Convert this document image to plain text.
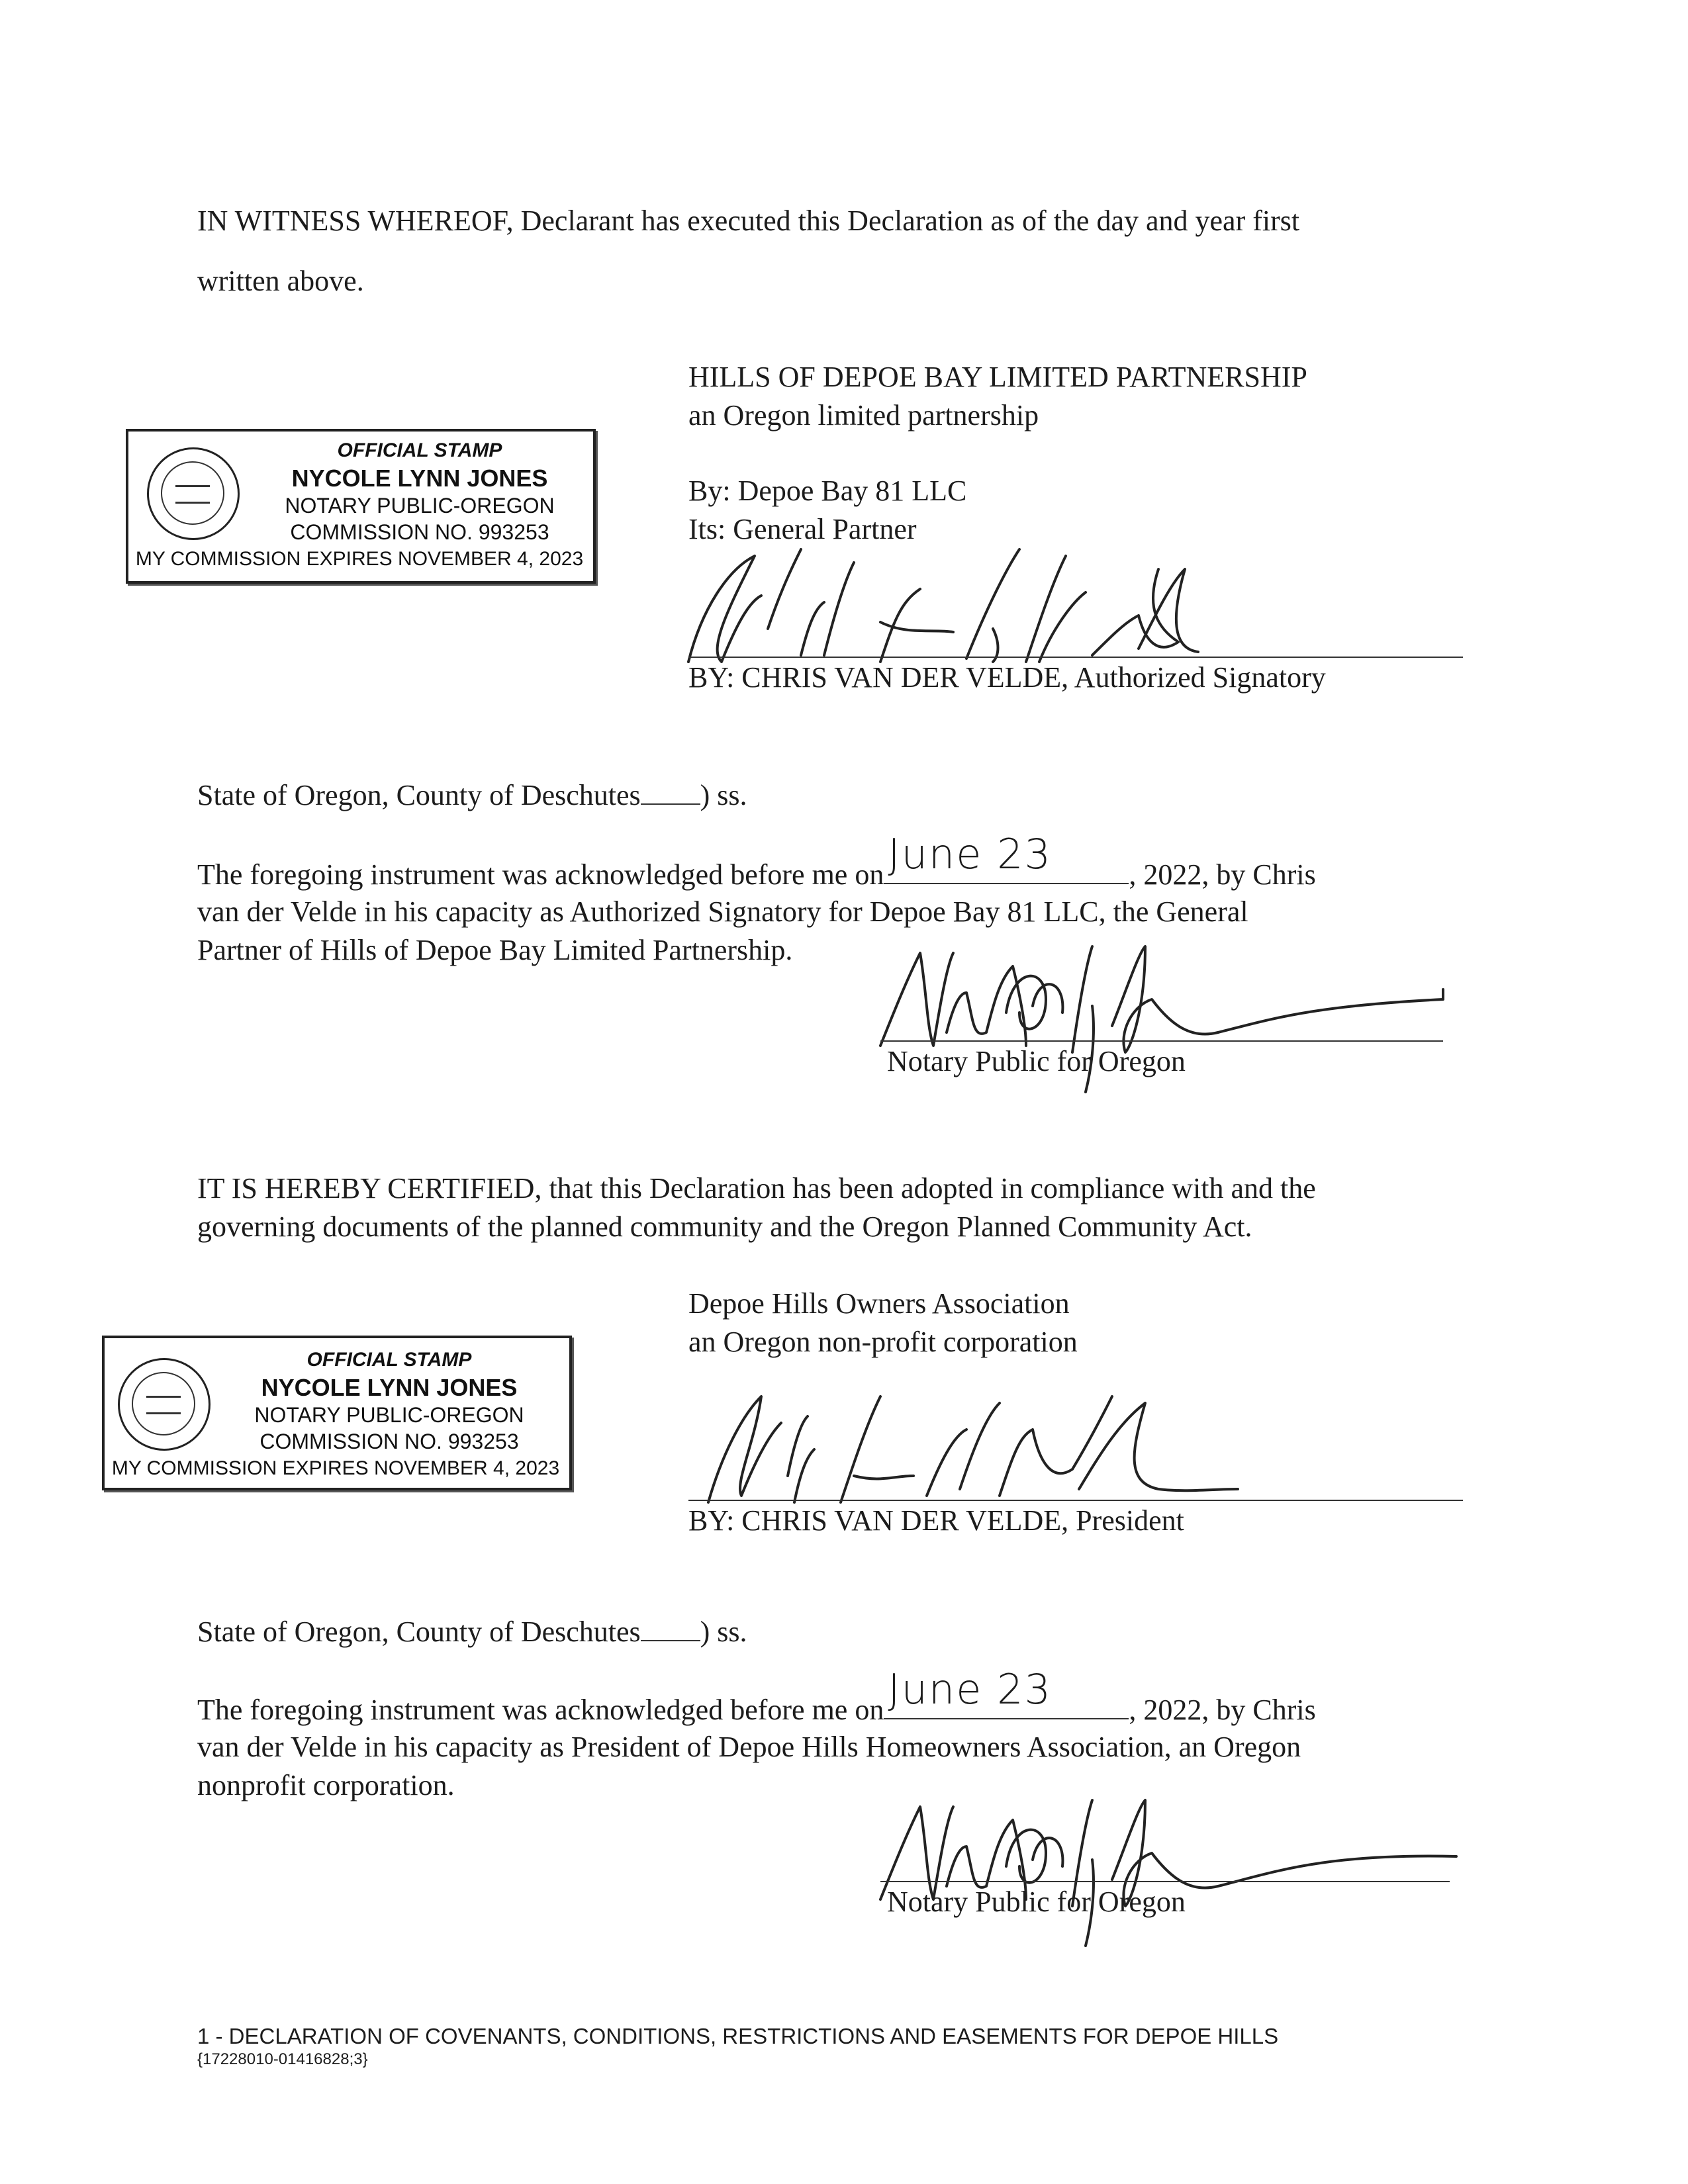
IN WITNESS WHEREOF, Declarant has executed this Declaration as of the day and year first
written above.
HILLS OF DEPOE BAY LIMITED PARTNERSHIP
an Oregon limited partnership
By: Depoe Bay 81 LLC
Its: General Partner
OFFICIAL STAMP
NYCOLE LYNN JONES
NOTARY PUBLIC-OREGON
COMMISSION NO. 993253
MY COMMISSION EXPIRES NOVEMBER 4, 2023
BY: CHRIS VAN DER VELDE, Authorized Signatory
State of Oregon, County of Deschutes ) ss.
The foregoing instrument was acknowledged before me on June 23	, 2022, by Chris
van der Velde in his capacity as Authorized Signatory for Depoe Bay 81 LLC, the General
Partner of Hills of Depoe Bay Limited Partnership.
Notary Public for Oregon
IT IS HEREBY CERTIFIED, that this Declaration has been adopted in compliance with and the
governing documents of the planned community and the Oregon Planned Community Act.
Depoe Hills Owners Association
an Oregon non-profit corporation
OFFICIAL STAMP
NYCOLE LYNN JONES
NOTARY PUBLIC-OREGON
COMMISSION NO. 993253
MY COMMISSION EXPIRES NOVEMBER 4, 2023
BY: CHRIS VAN DER VELDE, President
State of Oregon, County of Deschutes ) ss.
The foregoing instrument was acknowledged before me on June 23	, 2022, by Chris
van der Velde in his capacity as President of Depoe Hills Homeowners Association, an Oregon
nonprofit corporation.
Notary Public for Oregon
1 - DECLARATION OF COVENANTS, CONDITIONS, RESTRICTIONS AND EASEMENTS FOR DEPOE HILLS
{17228010-01416828;3}
